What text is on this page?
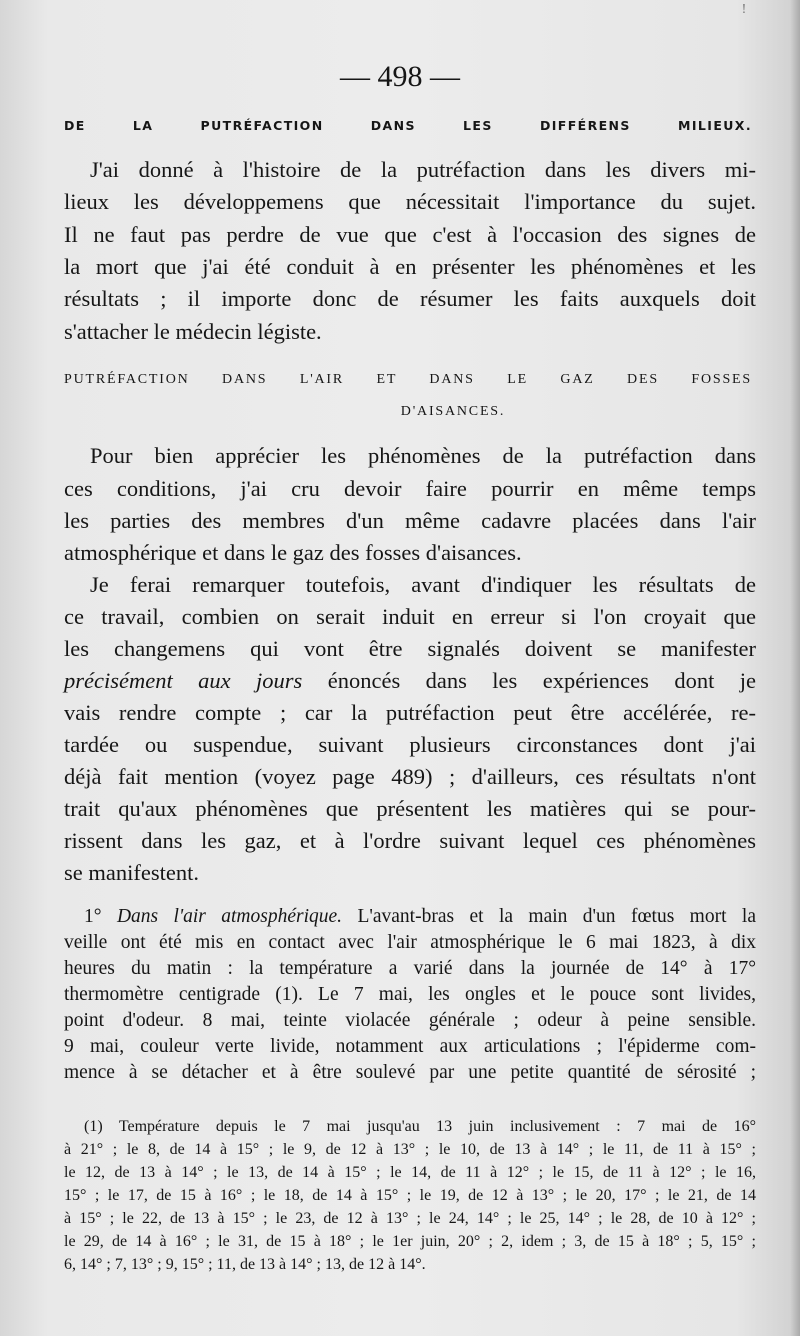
!
— 498 —
DE LA PUTRÉFACTION DANS LES DIFFÉRENS MILIEUX.
J'ai donné à l'histoire de la putréfaction dans les divers mi-
lieux les développemens que nécessitait l'importance du sujet.
Il ne faut pas perdre de vue que c'est à l'occasion des signes de
la mort que j'ai été conduit à en présenter les phénomènes et les
résultats ; il importe donc de résumer les faits auxquels doit
s'attacher le médecin légiste.
PUTRÉFACTION DANS L'AIR ET DANS LE GAZ DES FOSSES
D'AISANCES.
Pour bien apprécier les phénomènes de la putréfaction dans
ces conditions, j'ai cru devoir faire pourrir en même temps
les parties des membres d'un même cadavre placées dans l'air
atmosphérique et dans le gaz des fosses d'aisances.
Je ferai remarquer toutefois, avant d'indiquer les résultats de
ce travail, combien on serait induit en erreur si l'on croyait que
les changemens qui vont être signalés doivent se manifester
précisément aux jours énoncés dans les expériences dont je
vais rendre compte ; car la putréfaction peut être accélérée, re-
tardée ou suspendue, suivant plusieurs circonstances dont j'ai
déjà fait mention (voyez page 489) ; d'ailleurs, ces résultats n'ont
trait qu'aux phénomènes que présentent les matières qui se pour-
rissent dans les gaz, et à l'ordre suivant lequel ces phénomènes
se manifestent.
1° Dans l'air atmosphérique. L'avant-bras et la main d'un fœtus mort la
veille ont été mis en contact avec l'air atmosphérique le 6 mai 1823, à dix
heures du matin : la température a varié dans la journée de 14° à 17°
thermomètre centigrade (1). Le 7 mai, les ongles et le pouce sont livides,
point d'odeur. 8 mai, teinte violacée générale ; odeur à peine sensible.
9 mai, couleur verte livide, notamment aux articulations ; l'épiderme com-
mence à se détacher et à être soulevé par une petite quantité de sérosité ;
(1) Température depuis le 7 mai jusqu'au 13 juin inclusivement : 7 mai de 16°
à 21° ; le 8, de 14 à 15° ; le 9, de 12 à 13° ; le 10, de 13 à 14° ; le 11, de 11 à 15° ;
le 12, de 13 à 14° ; le 13, de 14 à 15° ; le 14, de 11 à 12° ; le 15, de 11 à 12° ; le 16,
15° ; le 17, de 15 à 16° ; le 18, de 14 à 15° ; le 19, de 12 à 13° ; le 20, 17° ; le 21, de 14
à 15° ; le 22, de 13 à 15° ; le 23, de 12 à 13° ; le 24, 14° ; le 25, 14° ; le 28, de 10 à 12° ;
le 29, de 14 à 16° ; le 31, de 15 à 18° ; le 1er juin, 20° ; 2, idem ; 3, de 15 à 18° ; 5, 15° ;
6, 14° ; 7, 13° ; 9, 15° ; 11, de 13 à 14° ; 13, de 12 à 14°.
